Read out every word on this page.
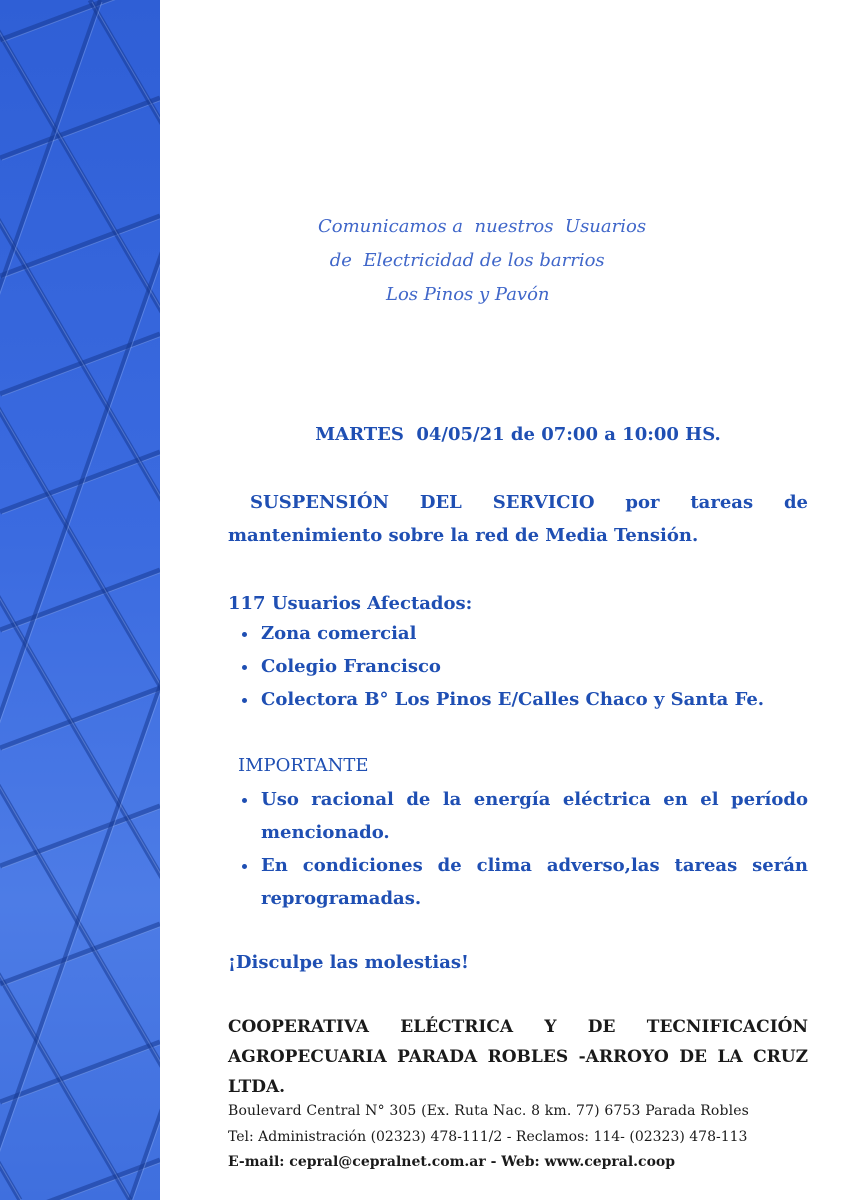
Comunicamos a  nuestros  Usuarios
de  Electricidad de los barrios
Los Pinos y Pavón
MARTES  04/05/21 de 07:00 a 10:00 HS.
SUSPENSIÓN DEL SERVICIO por tareas de
mantenimiento sobre la red de Media Tensión.
117 Usuarios Afectados:
Zona comercial
Colegio Francisco
Colectora B° Los Pinos E/Calles Chaco y Santa Fe.
IMPORTANTE
Uso racional de la energía eléctrica en el período mencionado.
En condiciones de clima adverso,las tareas serán reprogramadas.
¡Disculpe las molestias!
COOPERATIVA ELÉCTRICA Y DE TECNIFICACIÓN AGROPECUARIA PARADA ROBLES -ARROYO DE LA CRUZ LTDA.
Boulevard Central N° 305 (Ex. Ruta Nac. 8 km. 77) 6753 Parada Robles
Tel: Administración (02323) 478-111/2 - Reclamos: 114- (02323) 478-113
E-mail: cepral@cepralnet.com.ar - Web: www.cepral.coop
